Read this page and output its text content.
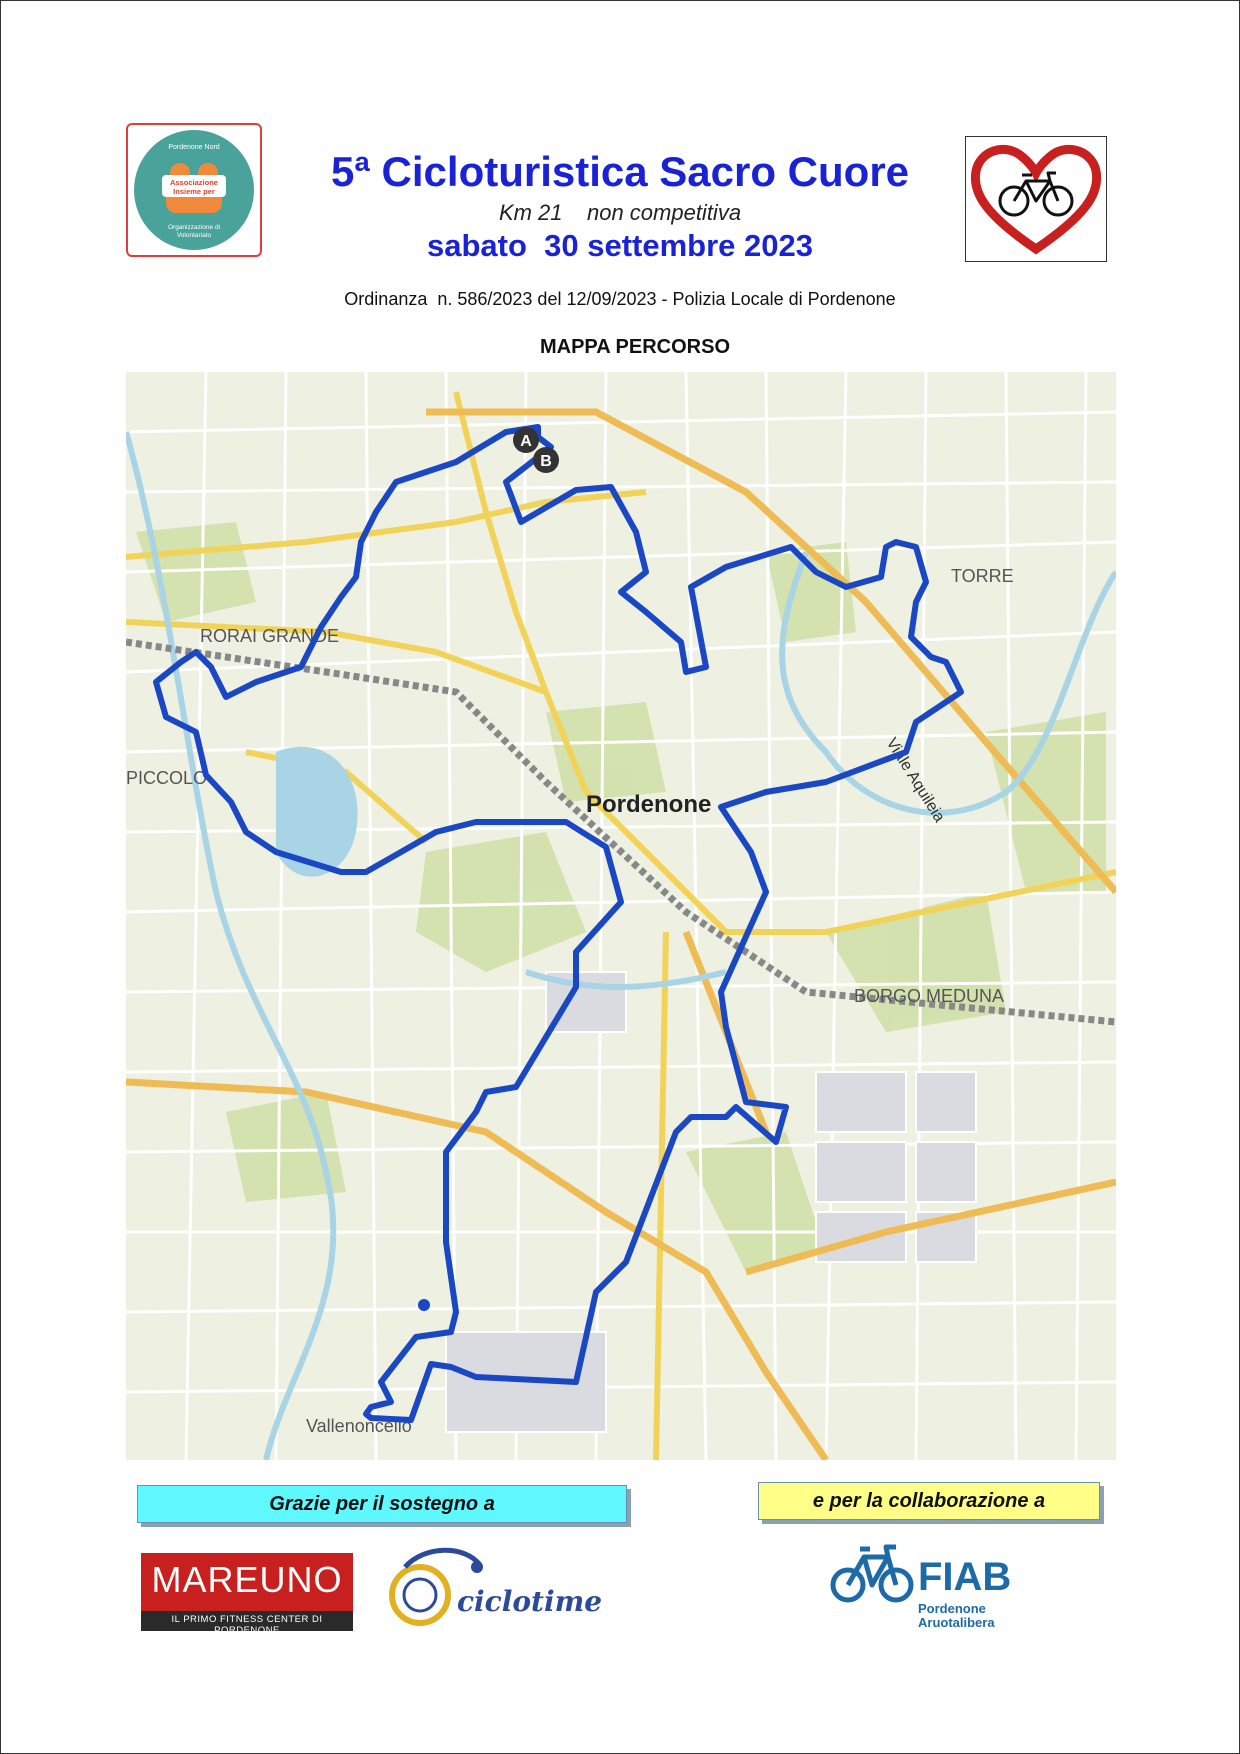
Pordenone Nord
Associazione
Insieme per
Organizzazione di
Volontariato
5ª Cicloturistica Sacro Cuore
Km 21    non competitiva
sabato  30 settembre 2023
Ordinanza  n. 586/2023 del 12/09/2023 - Polizia Locale di Pordenone
MAPPA PERCORSO
RORAI GRANDE
PICCOLO
BORGO MEDUNA
Vallenoncello
TORRE
Viale Aquileia
Pordenone
A
B
Grazie per il sostegno a	e per la collaborazione a
MAREUNO
IL PRIMO FITNESS CENTER DI PORDENONE
ciclotime
FIAB
Pordenone
Aruotalibera
